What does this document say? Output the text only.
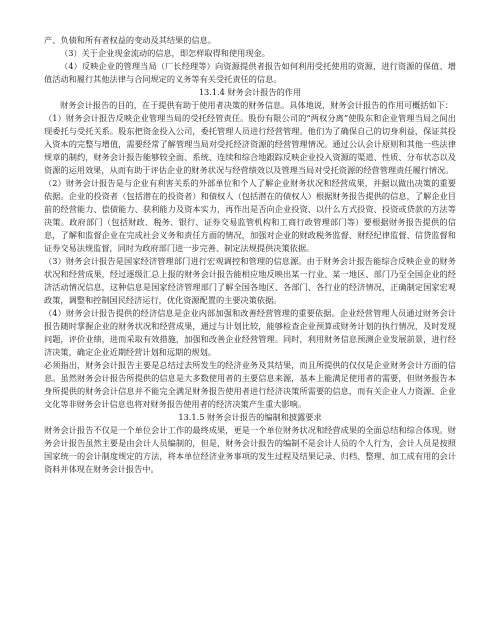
产、负债和所有者权益的变动及其结果的信息。

（3）关于企业现金流动的信息，即怎样取得和使用现金。

（4）反映企业的管理当局（厂长经理等）向资源提供者报告如何利用受托使用的资源，进行资源的保值、增值活动和履行其他法律与合同规定的义务等有关受托责任的信息。

13.1.4 财务会计报告的作用

财务会计报告的目的，在于提供有助于使用者决策的财务信息。具体地说，财务会计报告的作用可概括如下：

（1）财务会计报告反映企业管理当局的受托经管责任。股份有限公司的“两权分离”使股东和企业管理当局之间出现委托与受托关系。股东把资金投入公司，委托管理人员进行经营管理。他们为了确保自己的切身利益，保证其投入资本的完整与增值，需要经常了解管理当局对受托经济资源的经营管理情况。通过公认会计原则和其他一些法律规章的制约，财务会计报告能够较全面、系统、连续和综合地跟踪反映企业投入资源的渠道、性质、分布状态以及资源的运用效果，从而有助于评估企业的财务状况与经营绩效以及管理当局对受托资源的经营管理责任履行情况。

（2）财务会计报告是与企业有利害关系的外部单位和个人了解企业财务状况和经营成果，并据以做出决策的重要依据。企业的投资者（包括潜在的投资者）和债权人（包括潜在的债权人）根据财务报告提供的信息，了解企业目前的经营能力、偿债能力、获利能力及资本实力，再作出是否向企业投资、以什么方式投资、投资或贷款的方法等决策。政府部门（包括财政、税务、银行、证券交易监管机构和工商行政管理部门等）要根据财务报告提供的信息，了解和监督企业在完成社会义务和责任方面的情况，加强对企业的财政税务监督、财经纪律监督、信贷监督和证券交易法规监督，同时为政府部门进一步完善、制定法规提供决策依据。

（3）财务会计报告是国家经济管理部门进行宏观调控和管理的信息源。由于财务会计报告能综合反映企业的财务状况和经营成果，经过逐级汇总上报的财务会计报告能相应地反映出某一行业、某一地区、部门乃至全国企业的经济活动情况信息，这种信息是国家经济管理部门了解全国各地区、各部门、各行业的经济情况，正确制定国家宏观政策，调整和控制国民经济运行，优化资源配置的主要决策依据。

（4）财务会计报告提供的经济信息是企业内部加强和改善经营管理的重要依据。企业经营管理人员通过财务会计报告随时掌握企业的财务状况和经营成果，通过与计划比较，能够检查企业预算或财务计划的执行情况，及时发现问题，评价业绩，进而采取有效措施，加强和改善企业经营管理。同时，利用财务信息预测企业发展前景，进行经济决策，确定企业近期经营计划和远期的规划。

必须指出，财务会计报告主要是总结过去所发生的经济业务及其结果，而且所提供的仅仅是企业财务会计方面的信息。虽然财务会计报告所提供的信息是大多数使用者的主要信息来源，基本上能满足使用者的需要，但财务报告本身所提供的财务会计信息并不能完全满足财务报告使用者进行经济决策所需要的信息，而有关企业人力资源、企业文化等非财务会计信息也将对财务报告使用者的经济决策产生重大影响。

13.1.5 财务会计报告的编制和披露要求

财务会计报告不仅是一个单位会计工作的最终成果，更是一个单位财务状况和经营成果的全面总结和综合体现。财务会计报告虽然主要是由会计人员编制的，但是，财务会计报告的编制不是会计人员的个人行为，会计人员是按照国家统一的会计制度规定的方法，将本单位经济业务事项的发生过程及结果记录、归档、整理、加工成有用的会计资料并体现在财务会计报告中。
